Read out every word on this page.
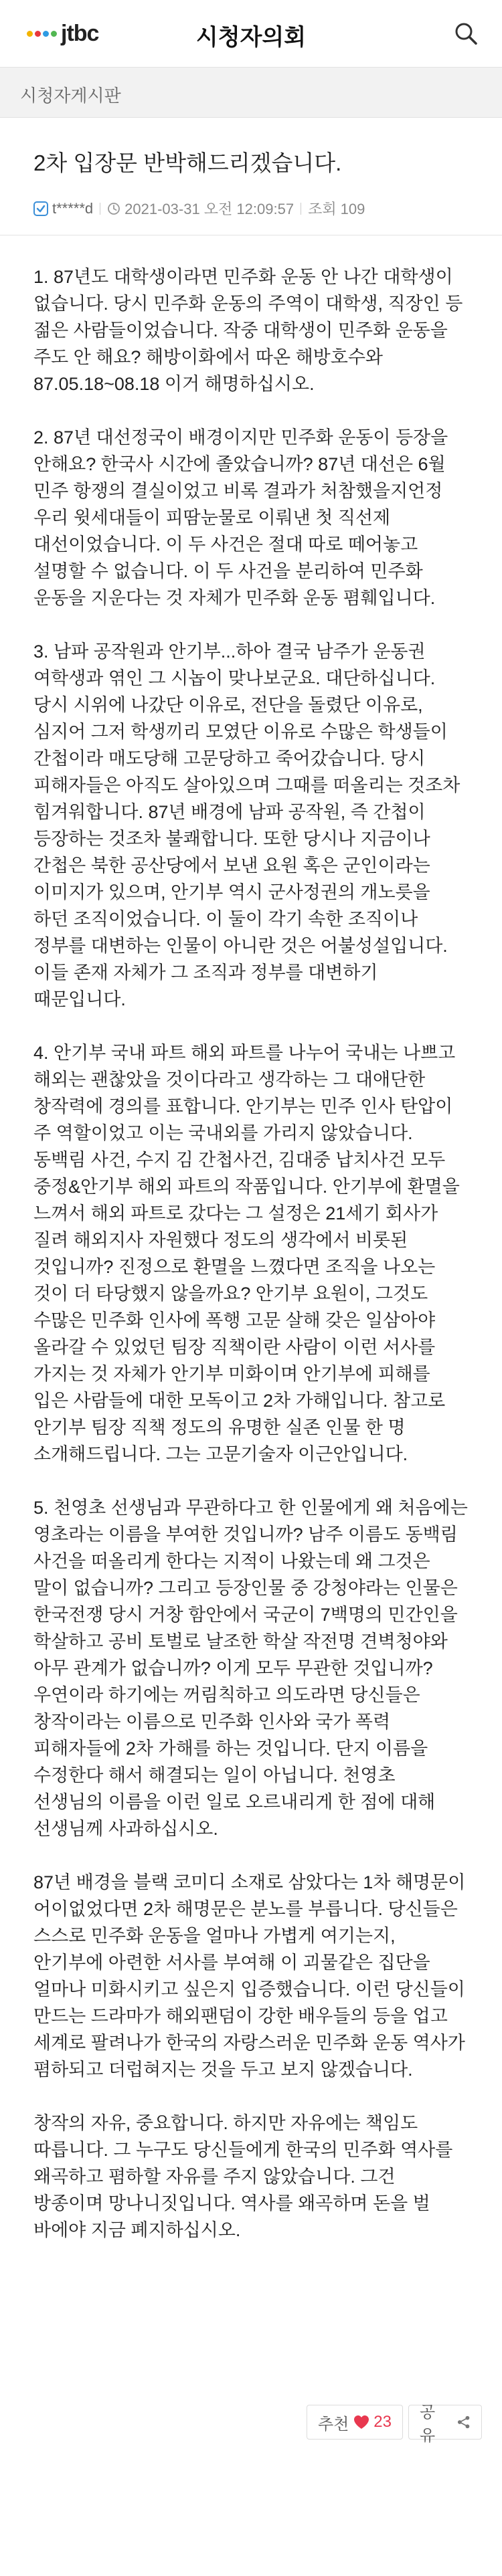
jtbc	시청자의회
시청자게시판
2차 입장문 반박해드리겠습니다.
t*****d 2021-03-31 오전 12:09:57 조회 109

1. 87년도 대학생이라면 민주화 운동 안 나간 대학생이 없습니다. 당시 민주화 운동의 주역이 대학생, 직장인 등 젊은 사람들이었습니다. 작중 대학생이 민주화 운동을 주도 안 해요? 해방이화에서 따온 해방호수와 87.05.18~08.18 이거 해명하십시오.

2. 87년 대선정국이 배경이지만 민주화 운동이 등장을 안해요? 한국사 시간에 졸았습니까? 87년 대선은 6월 민주 항쟁의 결실이었고 비록 결과가 처참했을지언정 우리 윗세대들이 피땀눈물로 이뤄낸 첫 직선제 대선이었습니다. 이 두 사건은 절대 따로 떼어놓고 설명할 수 없습니다. 이 두 사건을 분리하여 민주화 운동을 지운다는 것 자체가 민주화 운동 폄훼입니다.

3. 남파 공작원과 안기부...하아 결국 남주가 운동권 여학생과 엮인 그 시놉이 맞나보군요. 대단하십니다. 당시 시위에 나갔단 이유로, 전단을 돌렸단 이유로, 심지어 그저 학생끼리 모였단 이유로 수많은 학생들이 간첩이라 매도당해 고문당하고 죽어갔습니다. 당시 피해자들은 아직도 살아있으며 그때를 떠올리는 것조차 힘겨워합니다. 87년 배경에 남파 공작원, 즉 간첩이 등장하는 것조차 불쾌합니다. 또한 당시나 지금이나 간첩은 북한 공산당에서 보낸 요원 혹은 군인이라는 이미지가 있으며, 안기부 역시 군사정권의 개노릇을 하던 조직이었습니다. 이 둘이 각기 속한 조직이나 정부를 대변하는 인물이 아니란 것은 어불성설입니다. 이들 존재 자체가 그 조직과 정부를 대변하기 때문입니다.

4. 안기부 국내 파트 해외 파트를 나누어 국내는 나쁘고 해외는 괜찮았을 것이다라고 생각하는 그 대애단한 창작력에 경의를 표합니다. 안기부는 민주 인사 탄압이 주 역할이었고 이는 국내외를 가리지 않았습니다. 동백림 사건, 수지 김 간첩사건, 김대중 납치사건 모두 중정&안기부 해외 파트의 작품입니다. 안기부에 환멸을 느껴서 해외 파트로 갔다는 그 설정은 21세기 회사가 질려 해외지사 자원했다 정도의 생각에서 비롯된 것입니까? 진정으로 환멸을 느꼈다면 조직을 나오는 것이 더 타당했지 않을까요? 안기부 요원이, 그것도 수많은 민주화 인사에 폭행 고문 살해 갖은 일삼아야 올라갈 수 있었던 팀장 직책이란 사람이 이런 서사를 가지는 것 자체가 안기부 미화이며 안기부에 피해를 입은 사람들에 대한 모독이고 2차 가해입니다. 참고로 안기부 팀장 직책 정도의 유명한 실존 인물 한 명 소개해드립니다. 그는 고문기술자 이근안입니다.

5. 천영초 선생님과 무관하다고 한 인물에게 왜 처음에는 영초라는 이름을 부여한 것입니까? 남주 이름도 동백림 사건을 떠올리게 한다는 지적이 나왔는데 왜 그것은 말이 없습니까? 그리고 등장인물 중 강청야라는 인물은 한국전쟁 당시 거창 함안에서 국군이 7백명의 민간인을 학살하고 공비 토벌로 날조한 학살 작전명 견벽청야와 아무 관계가 없습니까? 이게 모두 무관한 것입니까? 우연이라 하기에는 꺼림칙하고 의도라면 당신들은 창작이라는 이름으로 민주화 인사와 국가 폭력 피해자들에 2차 가해를 하는 것입니다. 단지 이름을 수정한다 해서 해결되는 일이 아닙니다. 천영초 선생님의 이름을 이런 일로 오르내리게 한 점에 대해 선생님께 사과하십시오.

87년 배경을 블랙 코미디 소재로 삼았다는 1차 해명문이 어이없었다면 2차 해명문은 분노를 부릅니다. 당신들은 스스로 민주화 운동을 얼마나 가볍게 여기는지, 안기부에 아련한 서사를 부여해 이 괴물같은 집단을 얼마나 미화시키고 싶은지 입증했습니다. 이런 당신들이 만드는 드라마가 해외팬덤이 강한 배우들의 등을 업고 세계로 팔려나가 한국의 자랑스러운 민주화 운동 역사가 폄하되고 더럽혀지는 것을 두고 보지 않겠습니다.

창작의 자유, 중요합니다. 하지만 자유에는 책임도 따릅니다. 그 누구도 당신들에게 한국의 민주화 역사를 왜곡하고 폄하할 자유를 주지 않았습니다. 그건 방종이며 망나니짓입니다. 역사를 왜곡하며 돈을 벌 바에야 지금 폐지하십시오.

추천 23
공유
